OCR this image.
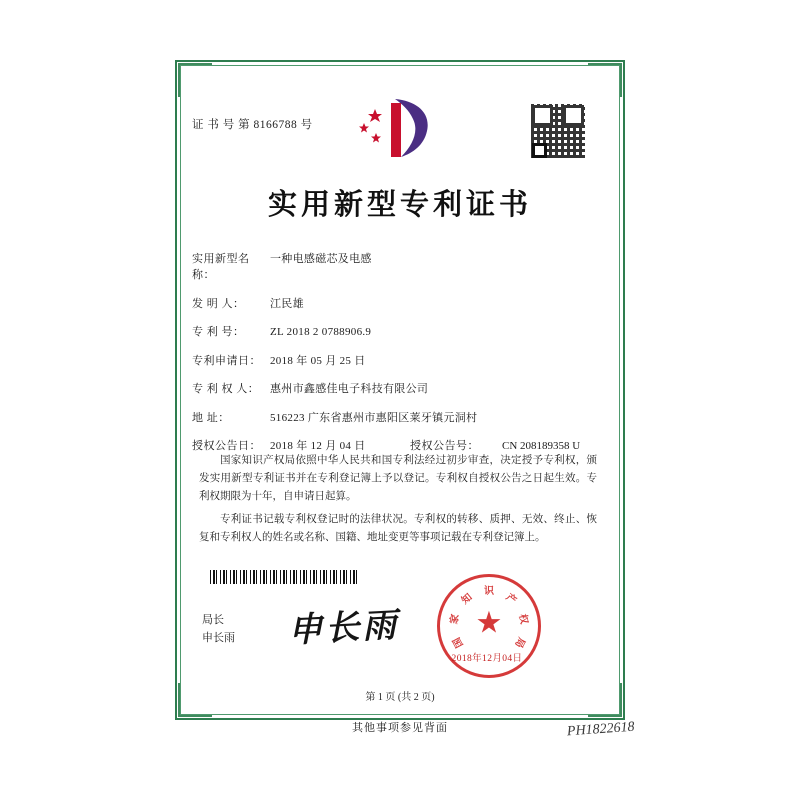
证 书 号 第 8166788 号
实用新型专利证书
实用新型名称：
一种电感磁芯及电感
发 明 人：	江民雄
专 利 号：	ZL 2018 2 0788906.9
专利申请日： 2018 年 05 月 25 日
专 利 权 人： 惠州市鑫感佳电子科技有限公司
地 址：	516223 广东省惠州市惠阳区莱牙镇元洞村
授权公告日： 2018 年 12 月 04 日	授权公告号：	CN 208189358 U
国家知识产权局依照中华人民共和国专利法经过初步审查，决定授予专利权，颁发实用新型专利证书并在专利登记簿上予以登记。专利权自授权公告之日起生效。专利权期限为十年，自申请日起算。
专利证书记载专利权登记时的法律状况。专利权的转移、质押、无效、终止、恢复和专利权人的姓名或名称、国籍、地址变更等事项记载在专利登记簿上。
局长
申长雨 申长雨	国
家
知
识
产
权
局
★
2018年12月04日
第 1 页 (共 2 页)
其他事项参见背面	PH1822618
